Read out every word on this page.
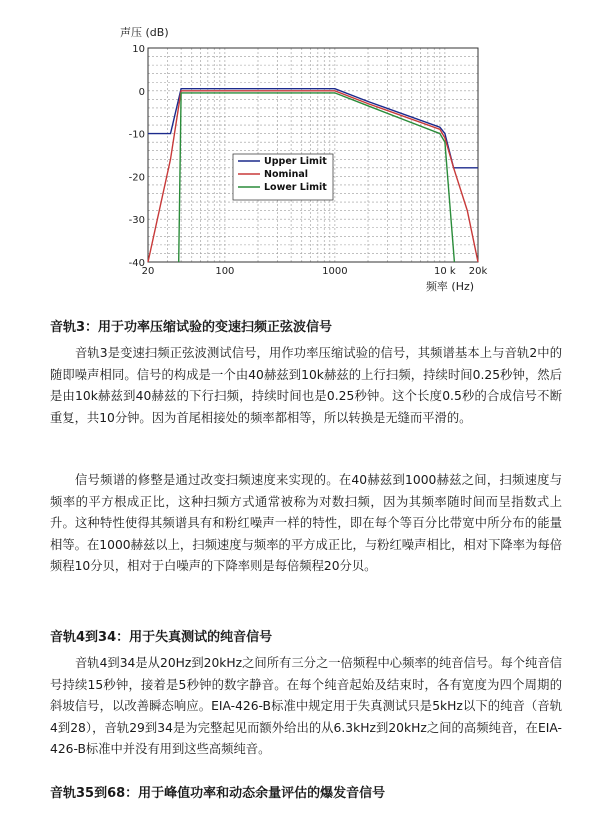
声压 (dB)
10
0
-10
-20
-30
-40
20	100	1000	10 k 20k
Upper Limit
Nominal
Lower Limit
频率 (Hz)
音轨3：用于功率压缩试验的变速扫频正弦波信号
音轨3是变速扫频正弦波测试信号，用作功率压缩试验的信号，其频谱基本上与音轨2中的随即噪声相同。信号的构成是一个由40赫兹到10k赫兹的上行扫频，持续时间0.25秒钟，然后是由10k赫兹到40赫兹的下行扫频，持续时间也是0.25秒钟。这个长度0.5秒的合成信号不断重复，共10分钟。因为首尾相接处的频率都相等，所以转换是无缝而平滑的。
信号频谱的修整是通过改变扫频速度来实现的。在40赫兹到1000赫兹之间，扫频速度与频率的平方根成正比，这种扫频方式通常被称为对数扫频，因为其频率随时间而呈指数式上升。这种特性使得其频谱具有和粉红噪声一样的特性，即在每个等百分比带宽中所分布的能量相等。在1000赫兹以上，扫频速度与频率的平方成正比，与粉红噪声相比，相对下降率为每倍频程10分贝，相对于白噪声的下降率则是每倍频程20分贝。
音轨4到34：用于失真测试的纯音信号
音轨4到34是从20Hz到20kHz之间所有三分之一倍频程中心频率的纯音信号。每个纯音信号持续15秒钟，接着是5秒钟的数字静音。在每个纯音起始及结束时，各有宽度为四个周期的斜坡信号，以改善瞬态响应。EIA-426-B标准中规定用于失真测试只是5kHz以下的纯音（音轨4到28），音轨29到34是为完整起见而额外给出的从6.3kHz到20kHz之间的高频纯音，在EIA-426-B标准中并没有用到这些高频纯音。
音轨35到68：用于峰值功率和动态余量评估的爆发音信号
